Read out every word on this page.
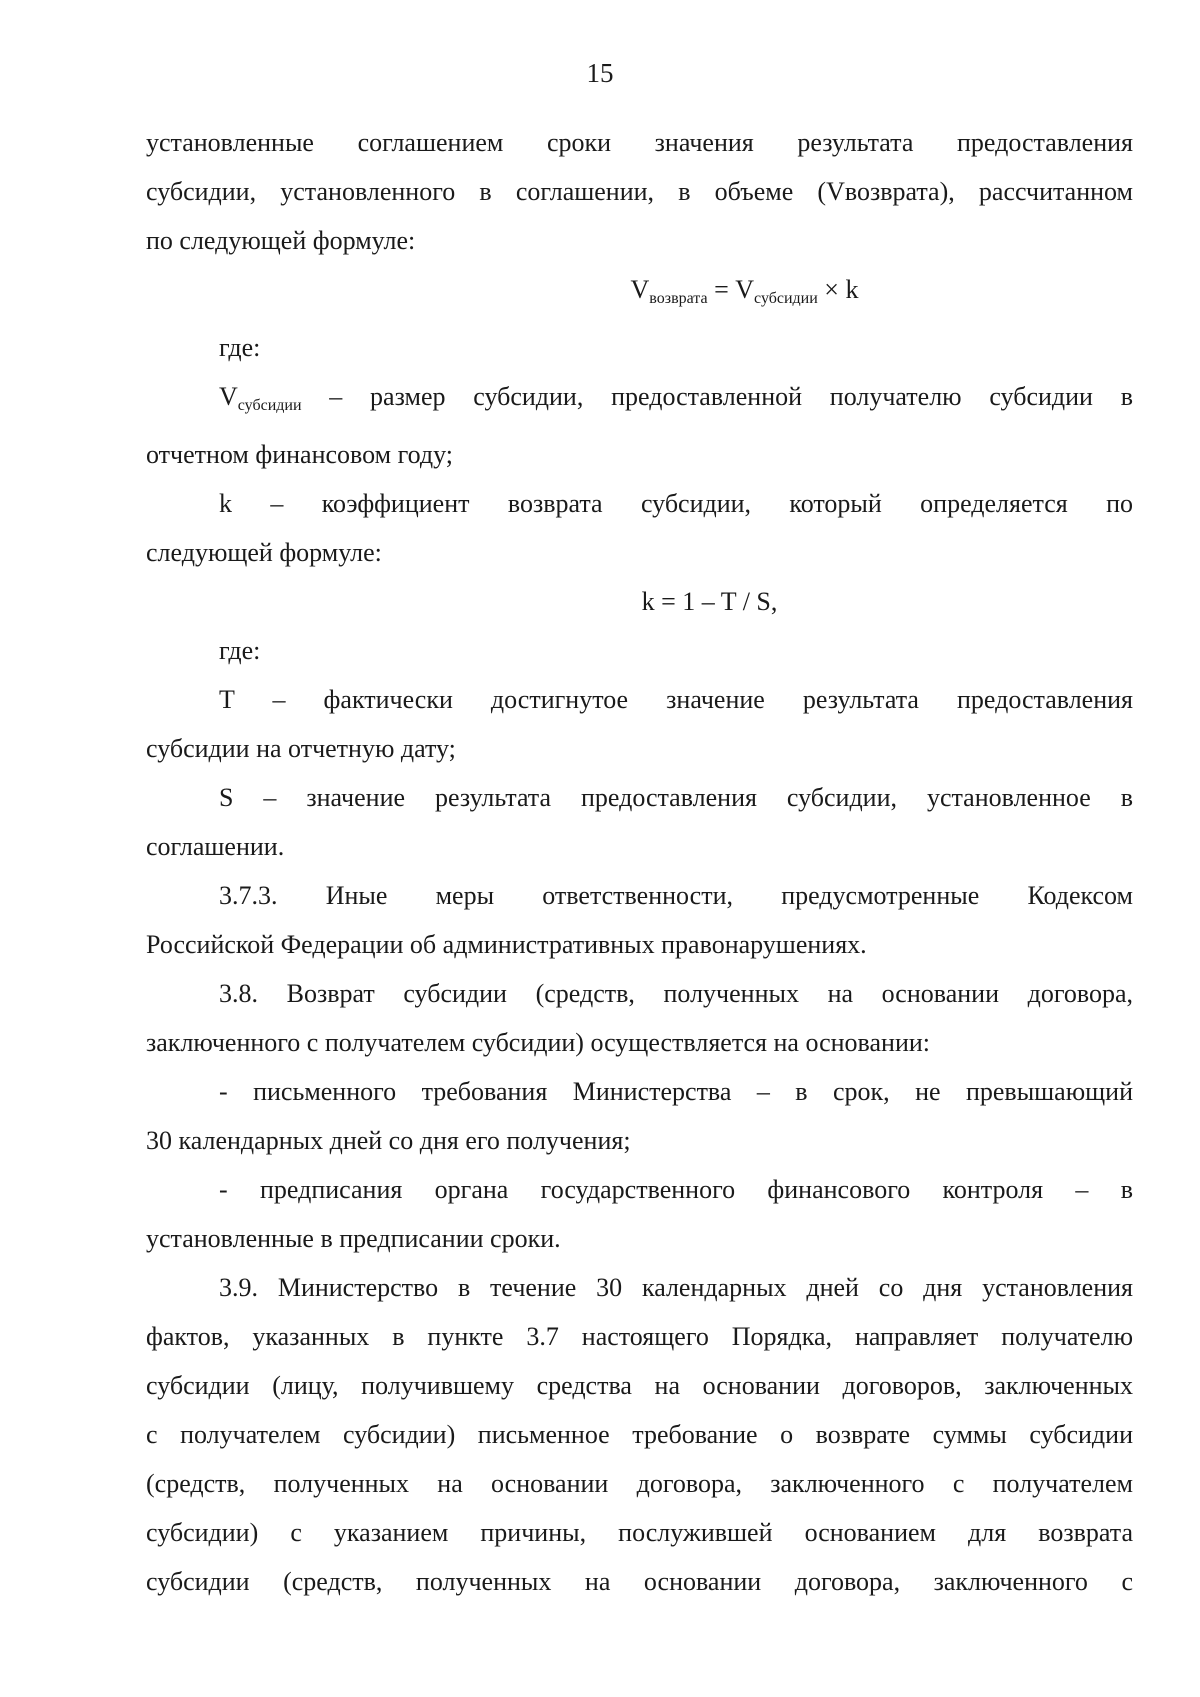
15
установленные соглашением сроки значения результата предоставления
субсидии, установленного в соглашении, в объеме (Vвозврата), рассчитанном
по следующей формуле:
$V_{возврата} = V_{субсидии} \times k$
где:
$V_{субсидии}$ – размер субсидии, предоставленной получателю субсидии в
отчетном финансовом году;
k – коэффициент возврата субсидии, который определяется по
следующей формуле:
k = 1 – T / S,
где:
T – фактически достигнутое значение результата предоставления
субсидии на отчетную дату;
S – значение результата предоставления субсидии, установленное в
соглашении.
3.7.3. Иные меры ответственности, предусмотренные Кодексом
Российской Федерации об административных правонарушениях.
3.8. Возврат субсидии (средств, полученных на основании договора,
заключенного с получателем субсидии) осуществляется на основании:
- письменного требования Министерства – в срок, не превышающий
30 календарных дней со дня его получения;
- предписания органа государственного финансового контроля – в
установленные в предписании сроки.
3.9. Министерство в течение 30 календарных дней со дня установления
фактов, указанных в пункте 3.7 настоящего Порядка, направляет получателю
субсидии (лицу, получившему средства на основании договоров, заключенных
с получателем субсидии) письменное требование о возврате суммы субсидии
(средств, полученных на основании договора, заключенного с получателем
субсидии) с указанием причины, послужившей основанием для возврата
субсидии (средств, полученных на основании договора, заключенного с
